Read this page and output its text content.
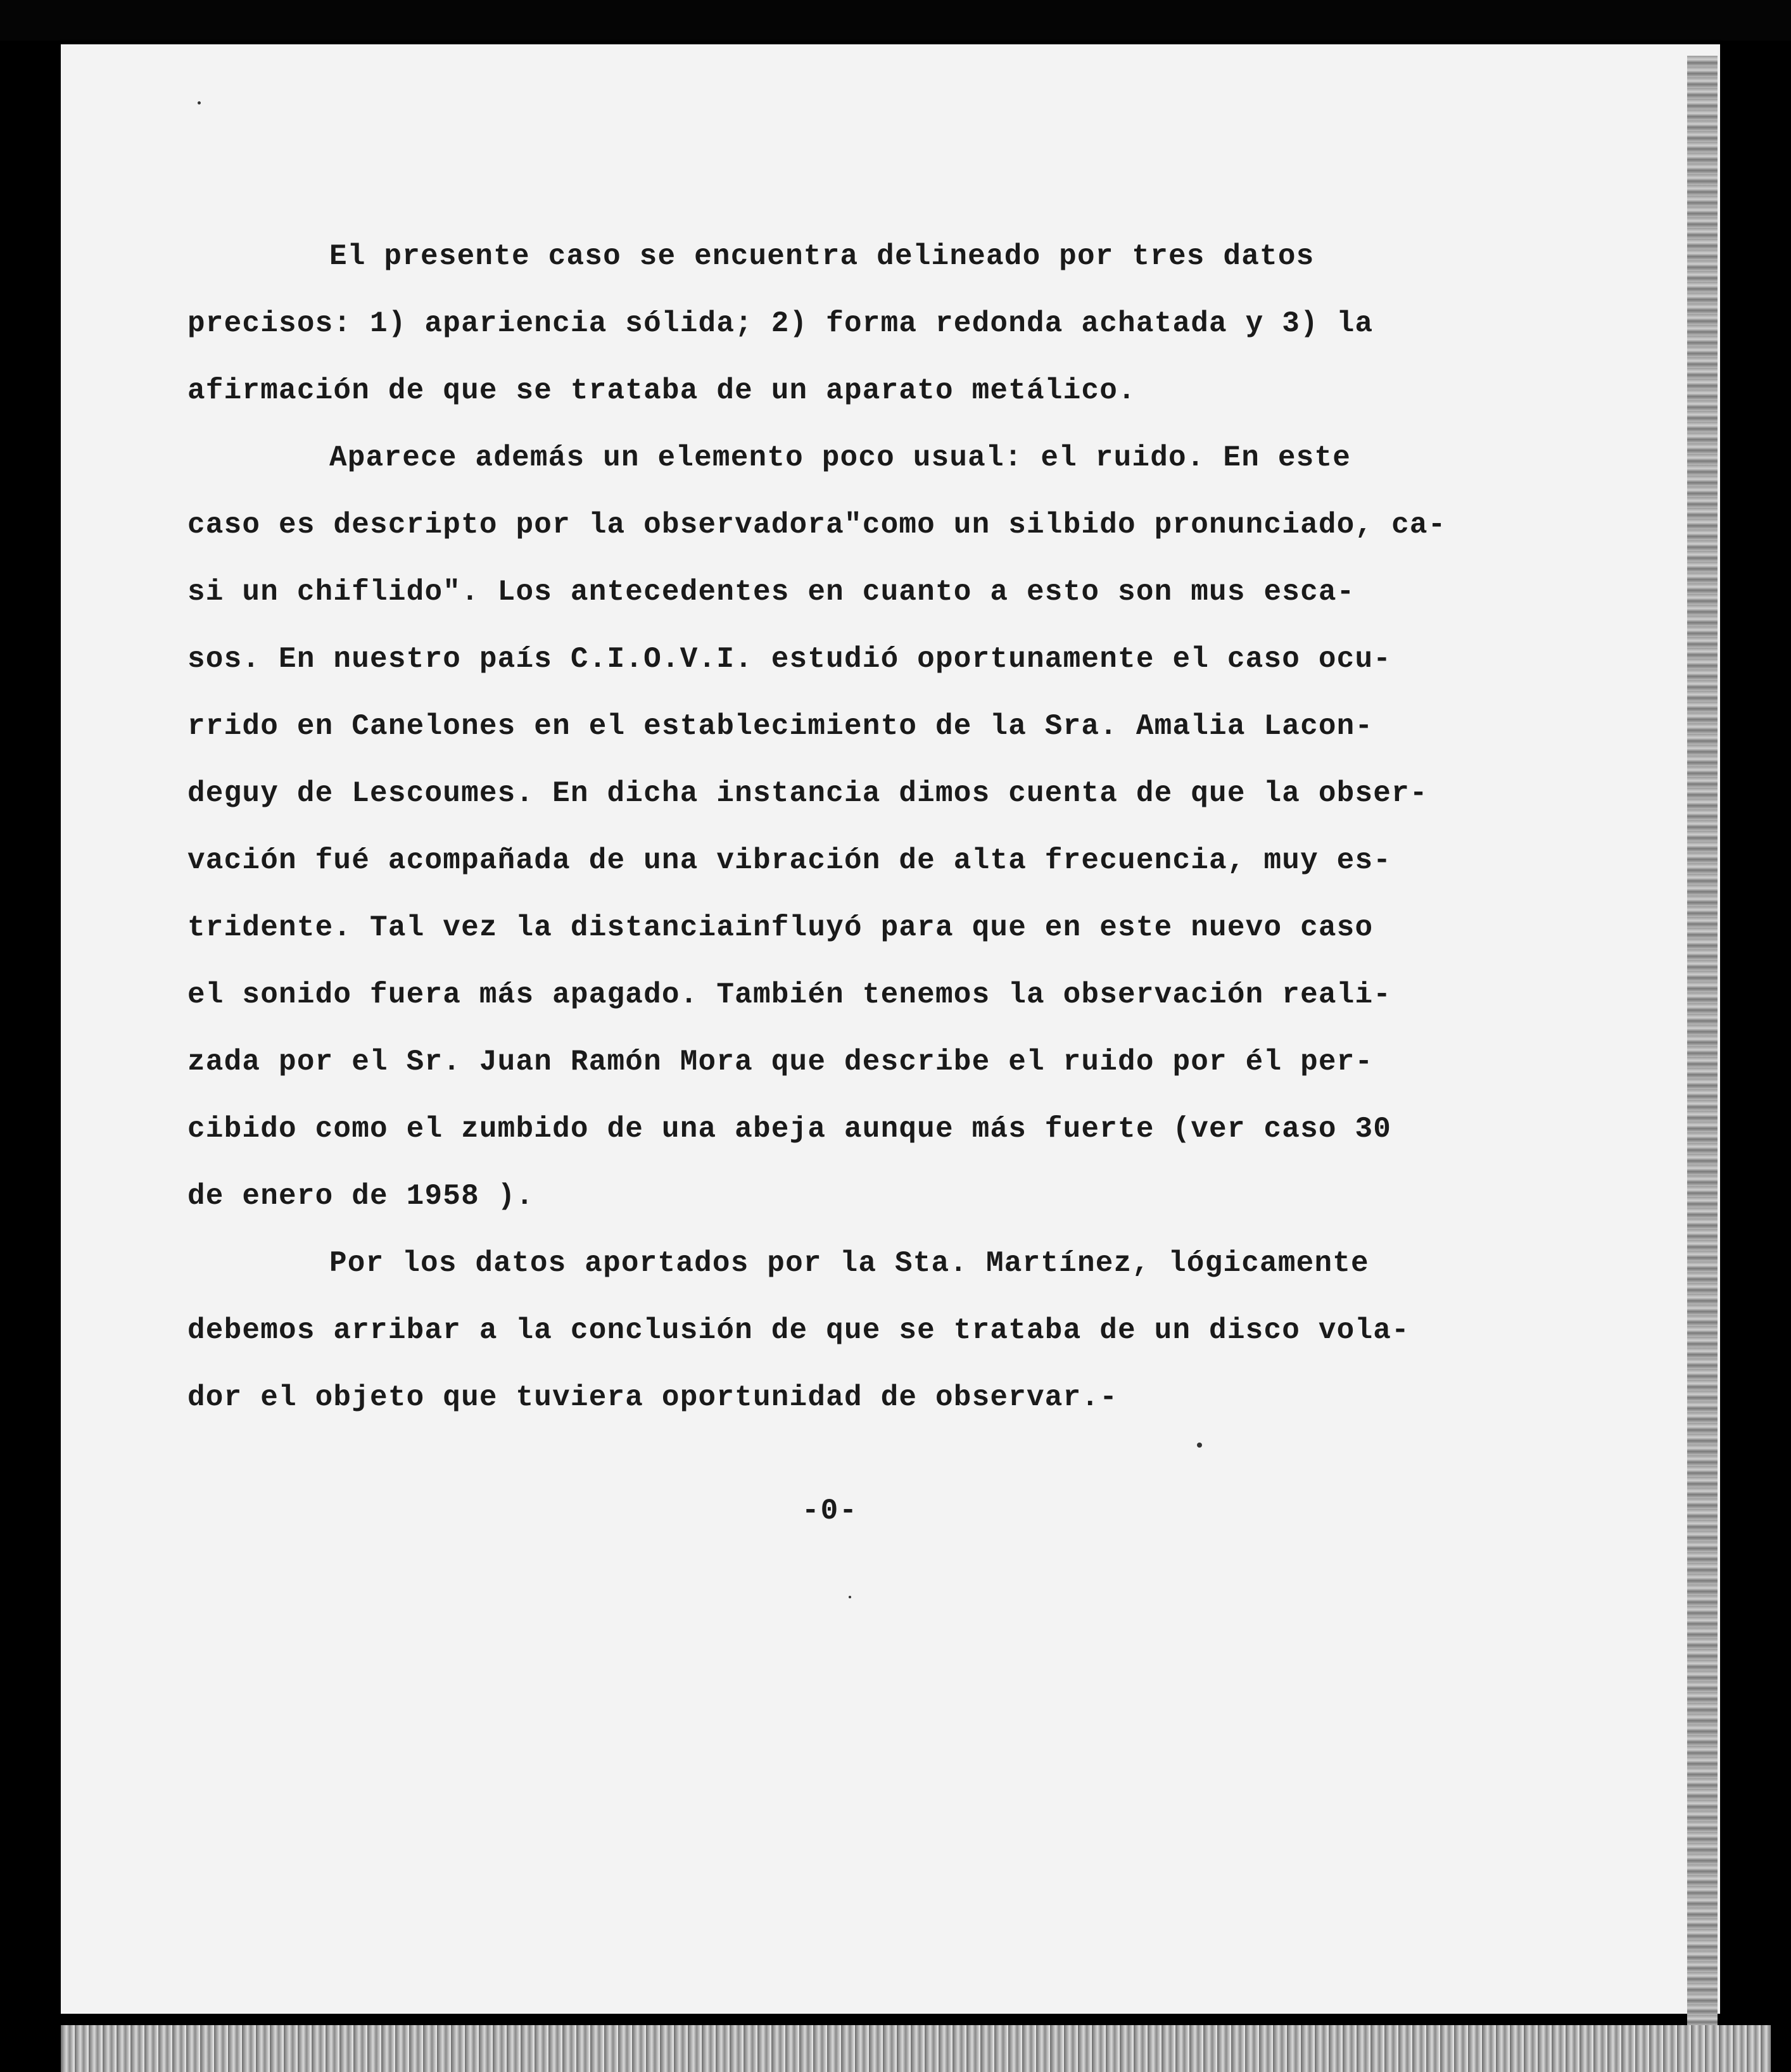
El presente caso se encuentra delineado por tres datos
precisos: 1) apariencia sólida; 2) forma redonda achatada y 3) la
afirmación de que se trataba de un aparato metálico.
Aparece además un elemento poco usual: el ruido. En este
caso es descripto por la observadora"como un silbido pronunciado, ca-
si un chiflido". Los antecedentes en cuanto a esto son mus esca-
sos. En nuestro país C.I.O.V.I. estudió oportunamente el caso ocu-
rrido en Canelones en el establecimiento de la Sra. Amalia Lacon-
deguy de Lescoumes. En dicha instancia dimos cuenta de que la obser-
vación fué acompañada de una vibración de alta frecuencia, muy es-
tridente. Tal vez la distanciainfluyó para que en este nuevo caso
el sonido fuera más apagado. También tenemos la observación reali-
zada por el Sr. Juan Ramón Mora que describe el ruido por él per-
cibido como el zumbido de una abeja aunque más fuerte (ver caso 30
de enero de 1958 ).
Por los datos aportados por la Sta. Martínez, lógicamente
debemos arribar a la conclusión de que se trataba de un disco vola-
dor el objeto que tuviera oportunidad de observar.-
-0-
